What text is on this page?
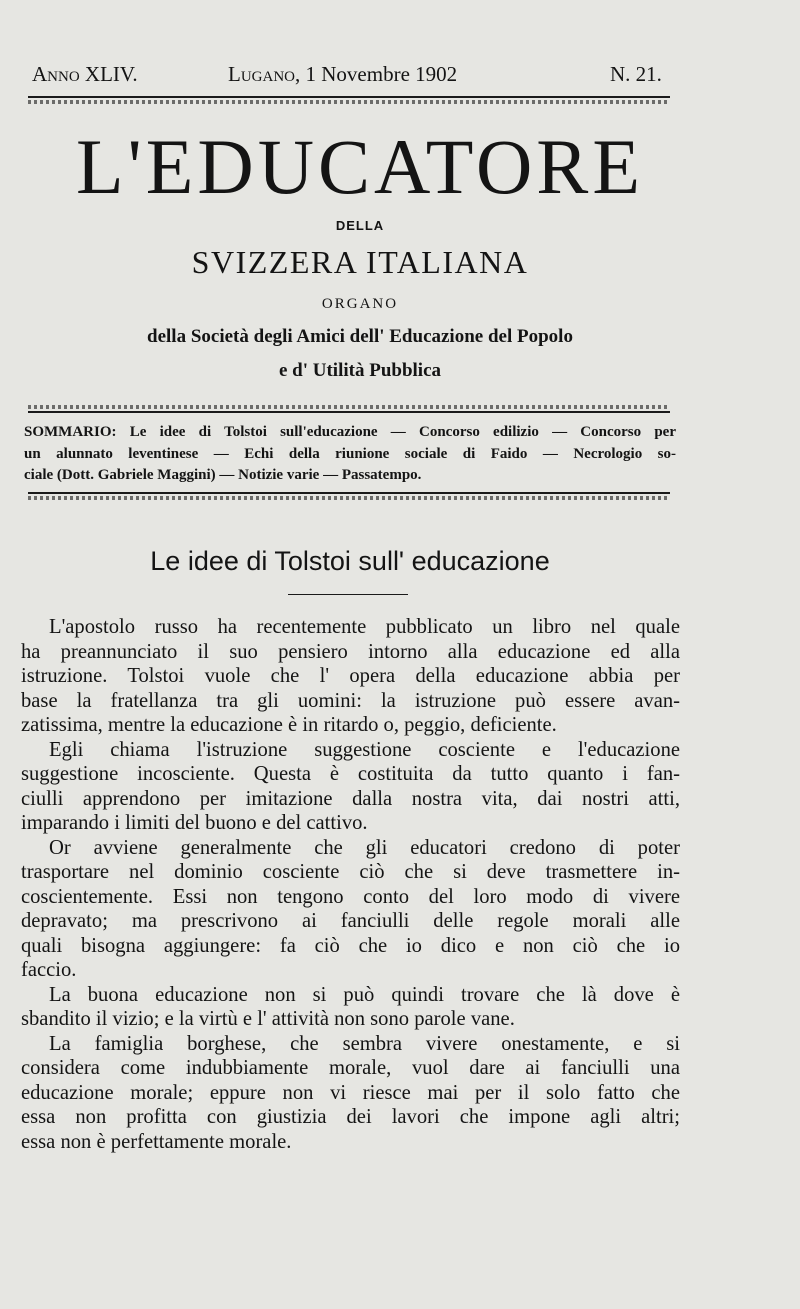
Anno XLIV.	Lugano, 1 Novembre 1902	N. 21.
L'EDUCATORE
DELLA
SVIZZERA ITALIANA
ORGANO
della Società degli Amici dell' Educazione del Popolo
e d' Utilità Pubblica
SOMMARIO: Le idee di Tolstoi sull'educazione — Concorso edilizio — Concorso per
un alunnato leventinese — Echi della riunione sociale di Faido — Necrologio so-
ciale (Dott. Gabriele Maggini) — Notizie varie — Passatempo.
Le idee di Tolstoi sull' educazione
L'apostolo russo ha recentemente pubblicato un libro nel quale
ha preannunciato il suo pensiero intorno alla educazione ed alla
istruzione. Tolstoi vuole che l' opera della educazione abbia per
base la fratellanza tra gli uomini: la istruzione può essere avan-
zatissima, mentre la educazione è in ritardo o, peggio, deficiente.
Egli chiama l'istruzione suggestione cosciente e l'educazione
suggestione incosciente. Questa è costituita da tutto quanto i fan-
ciulli apprendono per imitazione dalla nostra vita, dai nostri atti,
imparando i limiti del buono e del cattivo.
Or avviene generalmente che gli educatori credono di poter
trasportare nel dominio cosciente ciò che si deve trasmettere in-
coscientemente. Essi non tengono conto del loro modo di vivere
depravato; ma prescrivono ai fanciulli delle regole morali alle
quali bisogna aggiungere: fa ciò che io dico e non ciò che io
faccio.
La buona educazione non si può quindi trovare che là dove è
sbandito il vizio; e la virtù e l' attività non sono parole vane.
La famiglia borghese, che sembra vivere onestamente, e si
considera come indubbiamente morale, vuol dare ai fanciulli una
educazione morale; eppure non vi riesce mai per il solo fatto che
essa non profitta con giustizia dei lavori che impone agli altri;
essa non è perfettamente morale.
